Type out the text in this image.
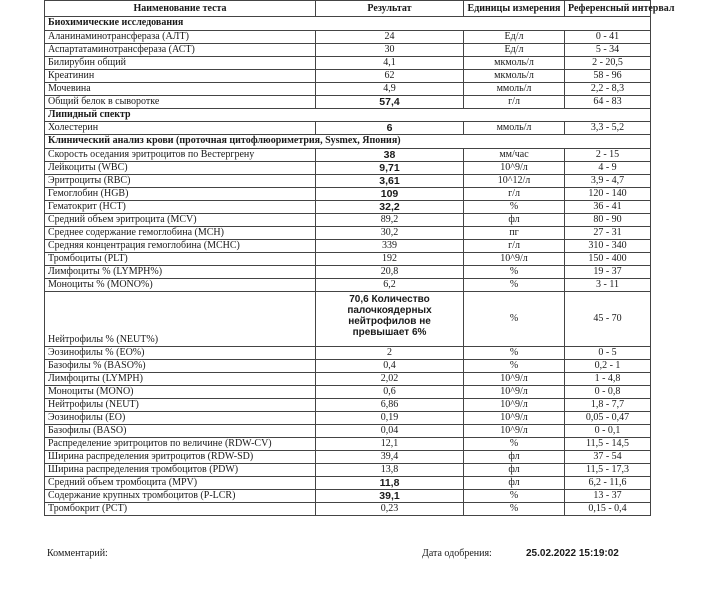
Наименование теста	Результат	Единицы измерения	Референсный интервал
Биохимические исследования			
Аланинаминотрансфераза (АЛТ)	24	Ед/л	0 - 41
Аспартатаминотрансфераза (АСТ)	30	Ед/л	5 - 34
Билирубин общий	4,1	мкмоль/л	2 - 20,5
Креатинин	62	мкмоль/л	58 - 96
Мочевина	4,9	ммоль/л	2,2 - 8,3
Общий белок в сыворотке	57,4	г/л	64 - 83
Липидный спектр			
Холестерин	6	ммоль/л	3,3 - 5,2
Клинический анализ крови (проточная цитофлюориметрия, Sysmex, Япония)			
Скорость оседания эритроцитов по Вестергрену	38	мм/час	2 - 15
Лейкоциты (WBC)	9,71	10^9/л	4 - 9
Эритроциты (RBC)	3,61	10^12/л	3,9 - 4,7
Гемоглобин (HGB)	109	г/л	120 - 140
Гематокрит (HCT)	32,2	%	36 - 41
Средний объем эритроцита (MCV)	89,2	фл	80 - 90
Среднее содержание гемоглобина (MCH)	30,2	пг	27 - 31
Средняя концентрация гемоглобина (MCHC)	339	г/л	310 - 340
Тромбоциты (PLT)	192	10^9/л	150 - 400
Лимфоциты % (LYMPH%)	20,8	%	19 - 37
Моноциты % (MONO%)	6,2	%	3 - 11
Нейтрофилы % (NEUT%)	70,6 Количество палочкоядерных нейтрофилов не превышает 6%	%	45 - 70
Эозинофилы % (EO%)	2	%	0 - 5
Базофилы % (BASO%)	0,4	%	0,2 - 1
Лимфоциты (LYMPH)	2,02	10^9/л	1 - 4,8
Моноциты (MONO)	0,6	10^9/л	0 - 0,8
Нейтрофилы (NEUT)	6,86	10^9/л	1,8 - 7,7
Эозинофилы (EO)	0,19	10^9/л	0,05 - 0,47
Базофилы (BASO)	0,04	10^9/л	0 - 0,1
Распределение эритроцитов по величине (RDW-CV)	12,1	%	11,5 - 14,5
Ширина распределения эритроцитов (RDW-SD)	39,4	фл	37 - 54
Ширина распределения тромбоцитов (PDW)	13,8	фл	11,5 - 17,3
Средний объем тромбоцита (MPV)	11,8	фл	6,2 - 11,6
Содержание крупных тромбоцитов (P-LCR)	39,1	%	13 - 37
Тромбокрит (PCT)	0,23	%	0,15 - 0,4
Комментарий:	Дата одобрения:	25.02.2022 15:19:02
